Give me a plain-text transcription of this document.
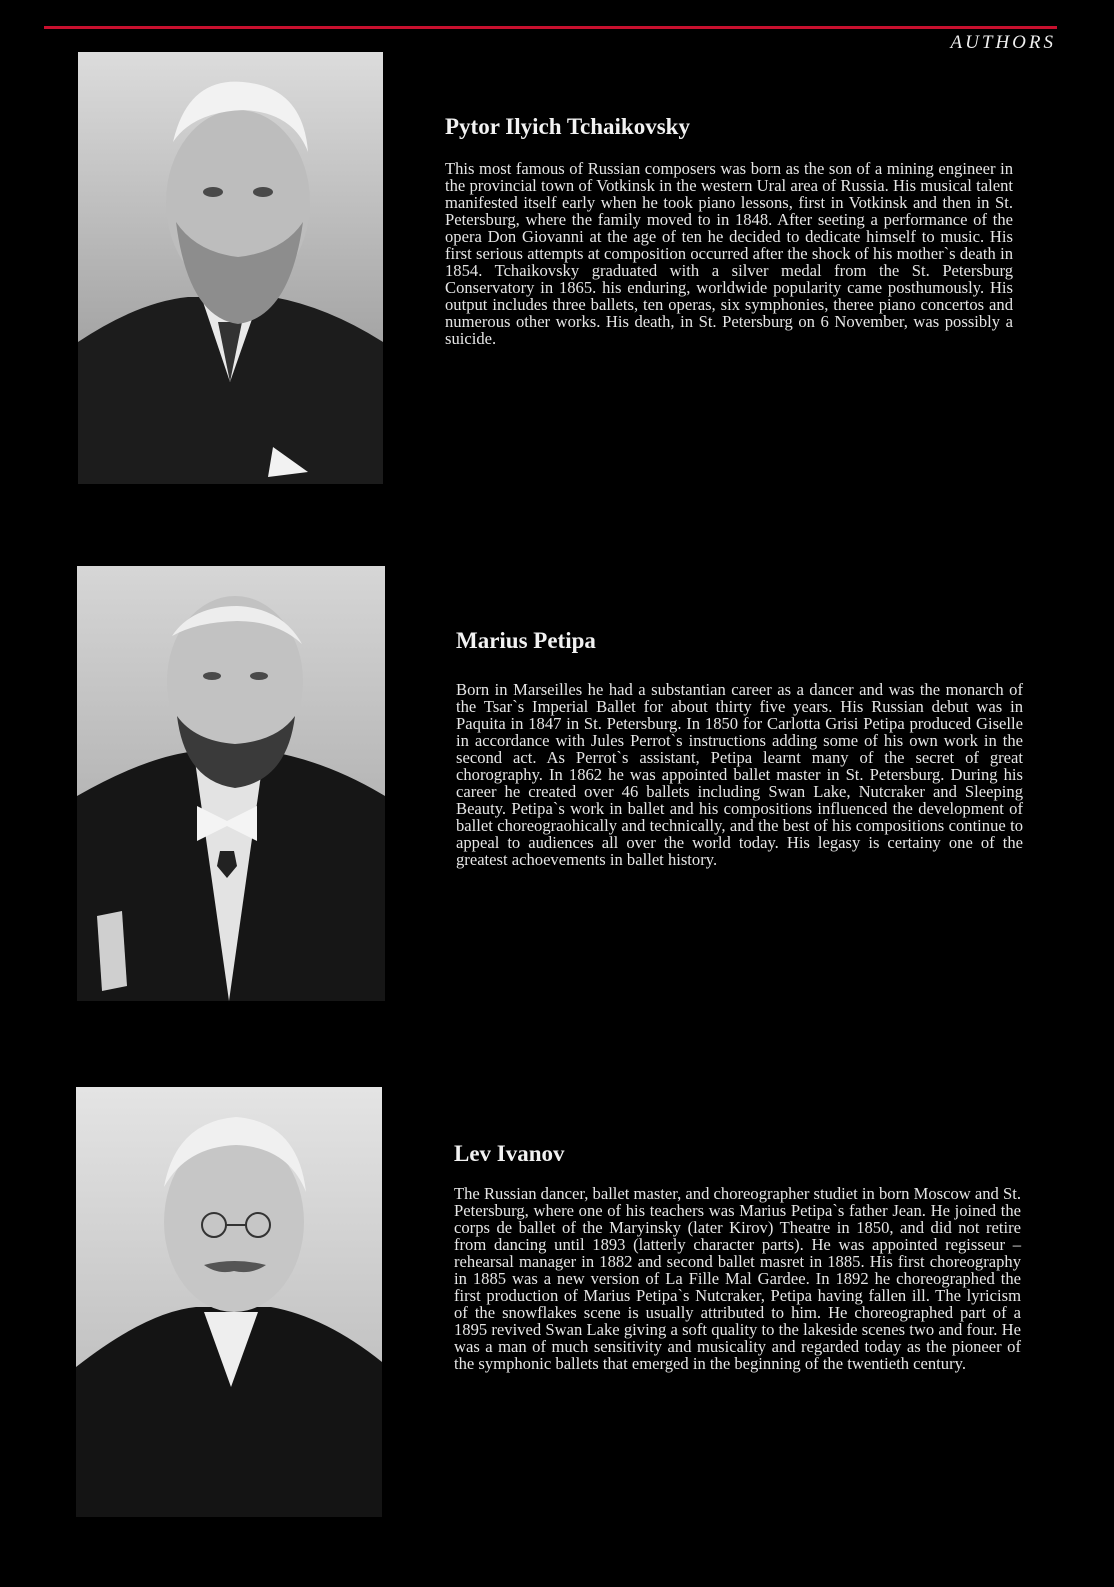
AUTHORS
Pytor Ilyich Tchaikovsky

This most famous of Russian composers was born as the son of a mining engineer in the provincial town of Votkinsk in the western Ural area of Russia. His musical talent manifested itself early when he took piano lessons, first in Votkinsk and then in St. Petersburg, where the family moved to in 1848. After seeting a performance of the opera Don Giovanni at the age of ten he decided to dedicate himself to music. His first serious attempts at composition occurred after the shock of his mother`s death in 1854. Tchaikovsky graduated with a silver medal from the St. Petersburg Conservatory in 1865. his enduring, worldwide popularity came posthumously. His output includes three ballets, ten operas, six symphonies, theree piano concertos and numerous other works. His death, in St. Petersburg on 6 November, was possibly a suicide.

Marius Petipa

Born in Marseilles he had a substantian career as a dancer and was the monarch of the Tsar`s Imperial Ballet for about thirty five years. His Russian debut was in Paquita in 1847 in St. Petersburg. In 1850 for Carlotta Grisi Petipa produced Giselle in accordance with Jules Perrot`s instructions adding some of his own work in the second act. As Perrot`s assistant, Petipa learnt many of the secret of great chorography. In 1862 he was appointed ballet master in St. Petersburg. During his career he created over 46 ballets including Swan Lake, Nutcraker and Sleeping Beauty. Petipa`s work in ballet and his compositions influenced the development of ballet choreograohically and technically, and the best of his compositions continue to appeal to audiences all over the world today. His legasy is certainy one of the greatest achoevements in ballet history.

Lev Ivanov

The Russian dancer, ballet master, and choreographer studiet in born Moscow and St. Petersburg, where one of his teachers was Marius Petipa`s father Jean. He joined the corps de ballet of the Maryinsky (later Kirov) Theatre in 1850, and did not retire from dancing until 1893 (latterly character parts). He was appointed regisseur – rehearsal manager in 1882 and second ballet masret in 1885. His first choreography in 1885 was a new version of La Fille Mal Gardee. In 1892 he choreographed the first production of Marius Petipa`s Nutcraker, Petipa having fallen ill. The lyricism of the snowflakes scene is usually attributed to him. He choreographed part of a 1895 revived Swan Lake giving a soft quality to the lakeside scenes two and four. He was a man of much sensitivity and musicality and regarded today as the pioneer of the symphonic ballets that emerged in the beginning of the twentieth century.
